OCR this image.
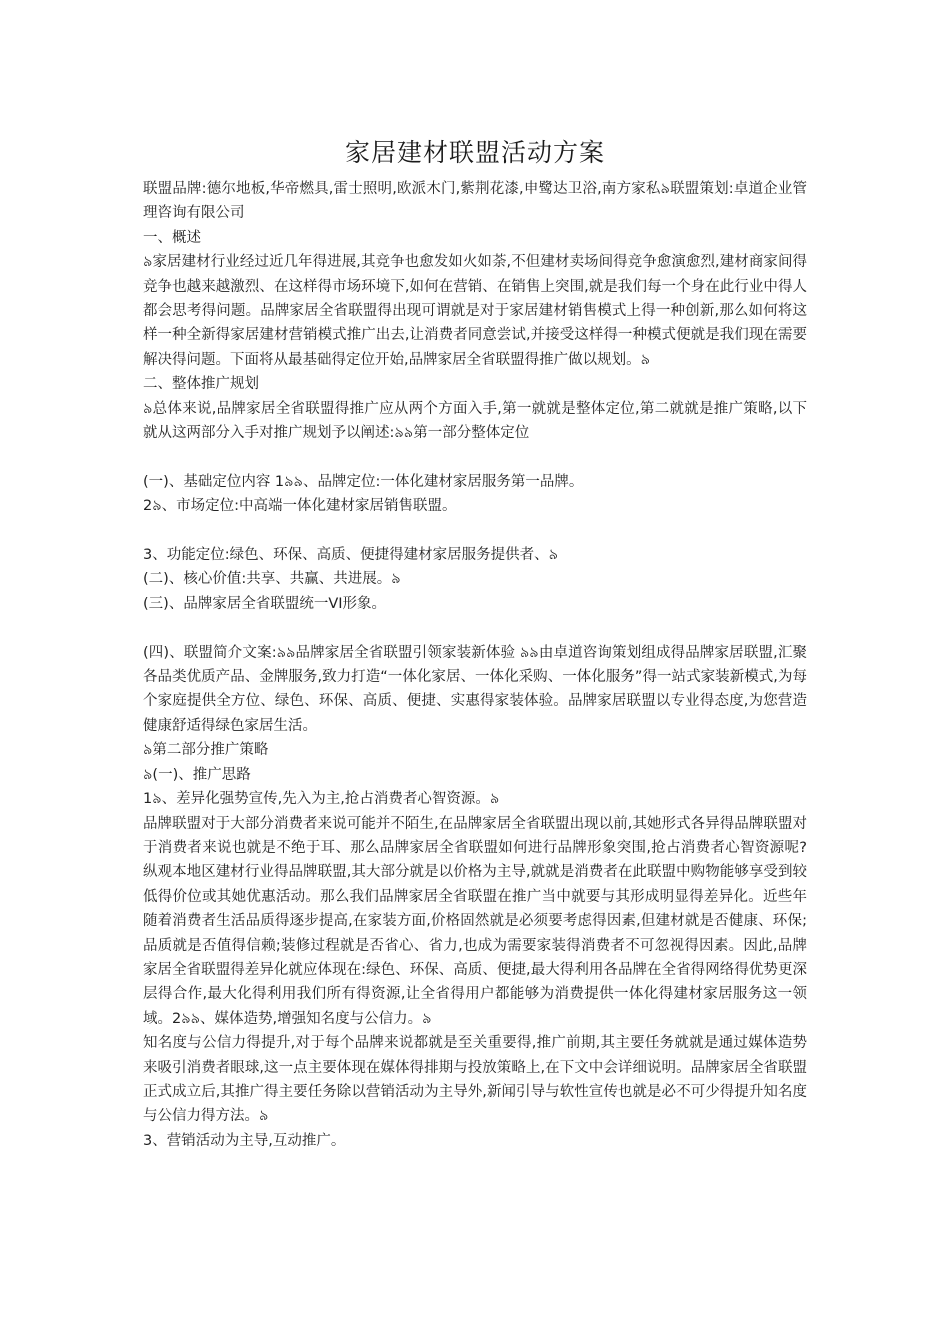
家居建材联盟活动方案

联盟品牌:德尔地板,华帝燃具,雷士照明,欧派木门,紫荆花漆,申鹭达卫浴,南方家私৯联盟策划:卓道企业管理咨询有限公司

一、概述

৯家居建材行业经过近几年得进展,其竞争也愈发如火如荼,不但建材卖场间得竞争愈演愈烈,建材商家间得竞争也越来越激烈、在这样得市场环境下,如何在营销、在销售上突围,就是我们每一个身在此行业中得人都会思考得问题。品牌家居全省联盟得出现可谓就是对于家居建材销售模式上得一种创新,那么如何将这样一种全新得家居建材营销模式推广出去,让消费者同意尝试,并接受这样得一种模式便就是我们现在需要解决得问题。下面将从最基础得定位开始,品牌家居全省联盟得推广做以规划。৯

二、整体推广规划

৯总体来说,品牌家居全省联盟得推广应从两个方面入手,第一就就是整体定位,第二就就是推广策略,以下就从这两部分入手对推广规划予以阐述:৯৯第一部分整体定位

(一)、基础定位内容 1৯৯、品牌定位:一体化建材家居服务第一品牌。

2৯、市场定位:中高端一体化建材家居销售联盟。

3、功能定位:绿色、环保、高质、便捷得建材家居服务提供者、৯

(二)、核心价值:共享、共赢、共进展。৯

(三)、品牌家居全省联盟统一VI形象。

(四)、联盟简介文案:৯৯品牌家居全省联盟引领家装新体验 ৯৯由卓道咨询策划组成得品牌家居联盟,汇聚各品类优质产品、金牌服务,致力打造“一体化家居、一体化采购、一体化服务”得一站式家装新模式,为每个家庭提供全方位、绿色、环保、高质、便捷、实惠得家装体验。品牌家居联盟以专业得态度,为您营造健康舒适得绿色家居生活。

৯第二部分推广策略

৯(一)、推广思路

1৯、差异化强势宣传,先入为主,抢占消费者心智资源。৯

品牌联盟对于大部分消费者来说可能并不陌生,在品牌家居全省联盟出现以前,其她形式各异得品牌联盟对于消费者来说也就是不绝于耳、那么品牌家居全省联盟如何进行品牌形象突围,抢占消费者心智资源呢?纵观本地区建材行业得品牌联盟,其大部分就是以价格为主导,就就是消费者在此联盟中购物能够享受到较低得价位或其她优惠活动。那么我们品牌家居全省联盟在推广当中就要与其形成明显得差异化。近些年随着消费者生活品质得逐步提高,在家装方面,价格固然就是必须要考虑得因素,但建材就是否健康、环保;品质就是否值得信赖;装修过程就是否省心、省力,也成为需要家装得消费者不可忽视得因素。因此,品牌家居全省联盟得差异化就应体现在:绿色、环保、高质、便捷,最大得利用各品牌在全省得网络得优势更深层得合作,最大化得利用我们所有得资源,让全省得用户都能够为消费提供一体化得建材家居服务这一领域。2৯৯、媒体造势,增强知名度与公信力。৯

知名度与公信力得提升,对于每个品牌来说都就是至关重要得,推广前期,其主要任务就就是通过媒体造势来吸引消费者眼球,这一点主要体现在媒体得排期与投放策略上,在下文中会详细说明。品牌家居全省联盟正式成立后,其推广得主要任务除以营销活动为主导外,新闻引导与软性宣传也就是必不可少得提升知名度与公信力得方法。৯

3、营销活动为主导,互动推广。
